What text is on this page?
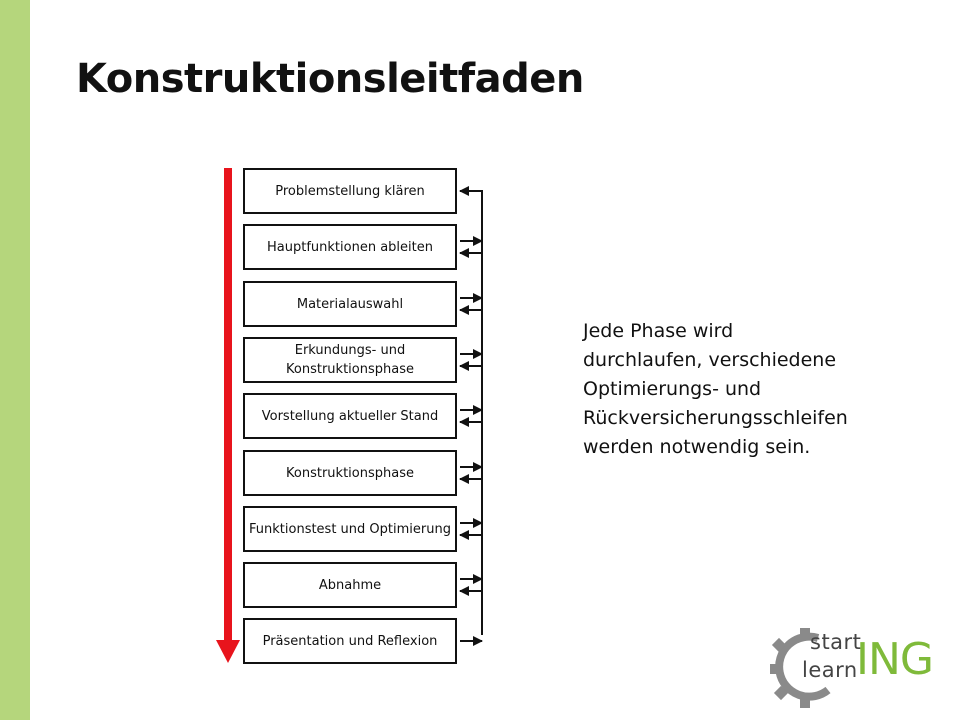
Konstruktionsleitfaden
Problemstellung klären
Hauptfunktionen ableiten
Materialauswahl
Erkundungs- und Konstruktionsphase
Vorstellung aktueller Stand
Konstruktionsphase
Funktionstest und Optimierung
Abnahme
Präsentation und Reflexion
Jede Phase wird
durchlaufen, verschiedene
Optimierungs- und
Rückversicherungsschleifen
werden notwendig sein.
start
learn
ING
